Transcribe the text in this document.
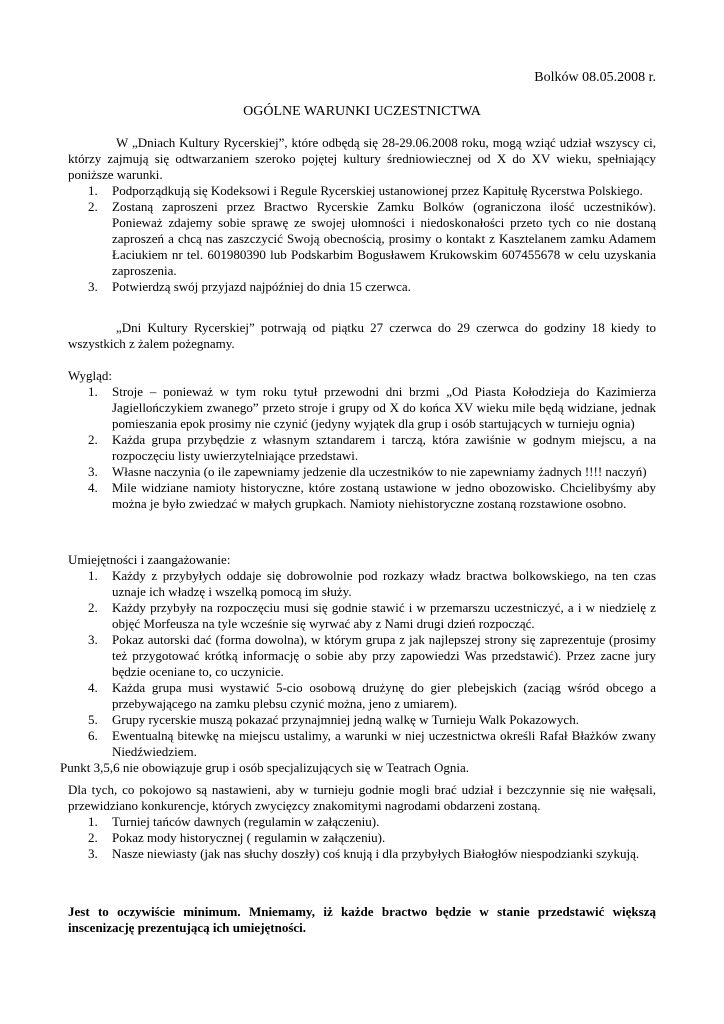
Bolków 08.05.2008 r.
OGÓLNE WARUNKI UCZESTNICTWA

W „Dniach Kultury Rycerskiej”, które odbędą się 28-29.06.2008 roku, mogą wziąć udział wszyscy ci, którzy zajmują się odtwarzaniem szeroko pojętej kultury średniowiecznej od X do XV wieku, spełniający poniższe warunki.

1. Podporządkują się Kodeksowi i Regule Rycerskiej ustanowionej przez Kapitułę Rycerstwa Polskiego.
2. Zostaną zaproszeni przez Bractwo Rycerskie Zamku Bolków (ograniczona ilość uczestników). Ponieważ zdajemy sobie sprawę ze swojej ułomności i niedoskonałości przeto tych co nie dostaną zaproszeń a chcą nas zaszczycić Swoją obecnością, prosimy o kontakt z Kasztelanem zamku Adamem Łaciukiem nr tel. 601980390 lub Podskarbim Bogusławem Krukowskim 607455678 w celu uzyskania zaproszenia.
3. Potwierdzą swój przyjazd najpóźniej do dnia 15 czerwca.

„Dni Kultury Rycerskiej” potrwają od piątku 27 czerwca do 29 czerwca do godziny 18 kiedy to wszystkich z żalem pożegnamy.

Wygląd:

1. Stroje – ponieważ w tym roku tytuł przewodni dni brzmi „Od Piasta Kołodzieja do Kazimierza Jagiellończykiem zwanego” przeto stroje i grupy od X do końca XV wieku mile będą widziane, jednak pomieszania epok prosimy nie czynić (jedyny wyjątek dla grup i osób startujących w turnieju ognia)
2. Każda grupa przybędzie z własnym sztandarem i tarczą, która zawiśnie w godnym miejscu, a na rozpoczęciu listy uwierzytelniające przedstawi.
3. Własne naczynia (o ile zapewniamy jedzenie dla uczestników to nie zapewniamy żadnych !!!! naczyń)
4. Mile widziane namioty historyczne, które zostaną ustawione w jedno obozowisko. Chcielibyśmy aby można je było zwiedzać w małych grupkach. Namioty niehistoryczne zostaną rozstawione osobno.

Umiejętności i zaangażowanie:

1. Każdy z przybyłych oddaje się dobrowolnie pod rozkazy władz bractwa bolkowskiego, na ten czas uznaje ich władzę i wszelką pomocą im służy.
2. Każdy przybyły na rozpoczęciu musi się godnie stawić i w przemarszu uczestniczyć, a i w niedzielę z objęć Morfeusza na tyle wcześnie się wyrwać aby z Nami drugi dzień rozpocząć.
3. Pokaz autorski dać (forma dowolna), w którym grupa z jak najlepszej strony się zaprezentuje (prosimy też przygotować krótką informację o sobie aby przy zapowiedzi Was przedstawić). Przez zacne jury będzie oceniane to, co uczynicie.
4. Każda grupa musi wystawić 5-cio osobową drużynę do gier plebejskich (zaciąg wśród obcego a przebywającego na zamku plebsu czynić można, jeno z umiarem).
5. Grupy rycerskie muszą pokazać przynajmniej jedną walkę w Turnieju Walk Pokazowych.
6. Ewentualną bitewkę na miejscu ustalimy, a warunki w niej uczestnictwa określi Rafał Błażków zwany Niedźwiedziem.

Punkt 3,5,6 nie obowiązuje grup i osób specjalizujących się w Teatrach Ognia.

Dla tych, co pokojowo są nastawieni, aby w turnieju godnie mogli brać udział i bezczynnie się nie wałęsali, przewidziano konkurencje, których zwycięzcy znakomitymi nagrodami obdarzeni zostaną.

1. Turniej tańców dawnych (regulamin w załączeniu).
2. Pokaz mody historycznej ( regulamin w załączeniu).
3. Nasze niewiasty (jak nas słuchy doszły) coś knują i dla przybyłych Białogłów niespodzianki szykują.

Jest to oczywiście minimum. Mniemamy, iż każde bractwo będzie w stanie przedstawić większą inscenizację prezentującą ich umiejętności.
